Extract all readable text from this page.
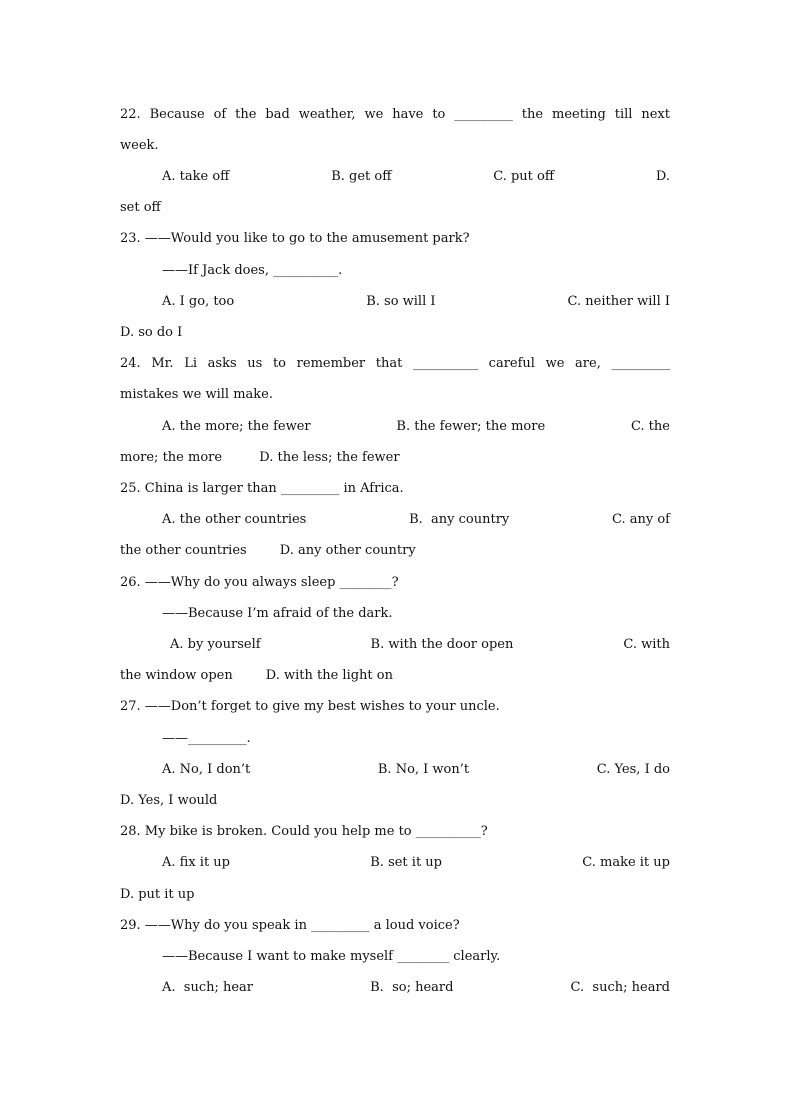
22. Because of the bad weather, we have to _________ the meeting till next
week.
A. take off	B. get off	C. put off	D.
set off
23. ——Would you like to go to the amusement park?
——If Jack does, __________.
A. I go, too	B. so will I	C. neither will I
D. so do I
24. Mr. Li asks us to remember that __________ careful we are, _________
mistakes we will make.
A. the more; the fewer	B. the fewer; the more	C. the
more; the more         D. the less; the fewer
25. China is larger than _________ in Africa.
A. the other countries	B.  any country	C. any of
the other countries        D. any other country
26. ——Why do you always sleep ________?
——Because I’m afraid of the dark.
A. by yourself	B. with the door open	C. with
the window open        D. with the light on
27. ——Don’t forget to give my best wishes to your uncle.
——_________.
A. No, I don’t	B. No, I won’t	C. Yes, I do
D. Yes, I would
28. My bike is broken. Could you help me to __________?
A. fix it up	B. set it up	C. make it up
D. put it up
29. ——Why do you speak in _________ a loud voice?
——Because I want to make myself ________ clearly.
A.  such; hear	B.  so; heard	C.  such; heard
